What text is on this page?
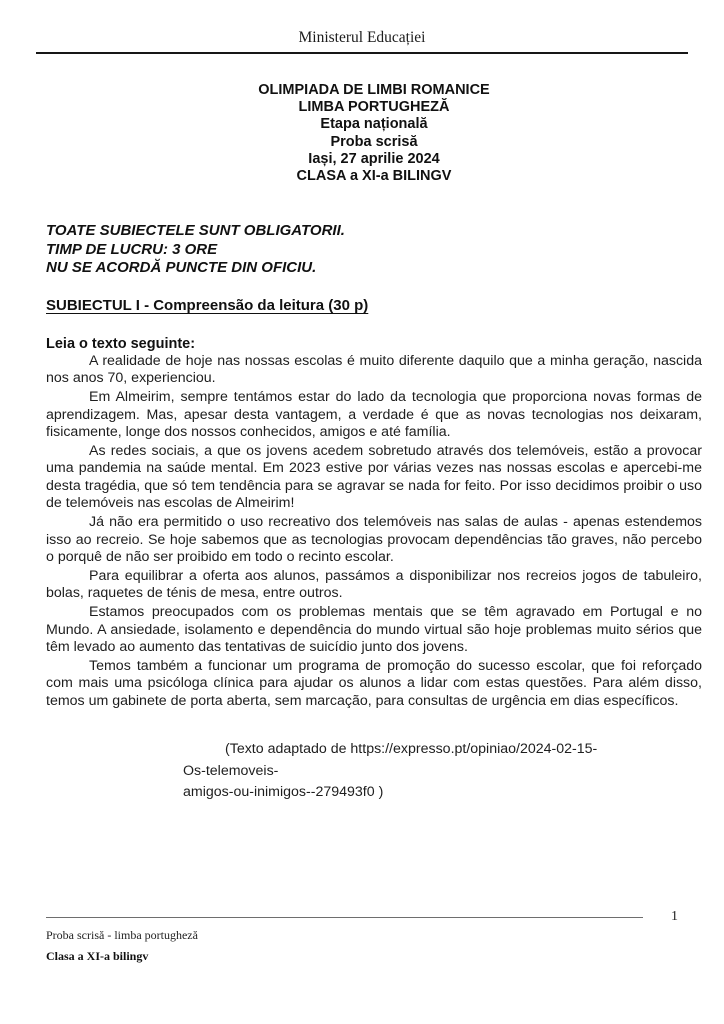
Ministerul Educației
OLIMPIADA DE LIMBI ROMANICE
LIMBA PORTUGHEZĂ
Etapa națională
Proba scrisă
Iași, 27 aprilie 2024
CLASA a XI-a BILINGV
TOATE SUBIECTELE SUNT OBLIGATORII.
TIMP DE LUCRU: 3 ORE
NU SE ACORDĂ PUNCTE DIN OFICIU.
SUBIECTUL I - Compreensão da leitura (30 p)
Leia o texto seguinte:

A realidade de hoje nas nossas escolas é muito diferente daquilo que a minha geração, nascida nos anos 70, experienciou.

Em Almeirim, sempre tentámos estar do lado da tecnologia que proporciona novas formas de aprendizagem. Mas, apesar desta vantagem, a verdade é que as novas tecnologias nos deixaram, fisicamente, longe dos nossos conhecidos, amigos e até família.

As redes sociais, a que os jovens acedem sobretudo através dos telemóveis, estão a provocar uma pandemia na saúde mental. Em 2023 estive por várias vezes nas nossas escolas e apercebi-me desta tragédia, que só tem tendência para se agravar se nada for feito. Por isso decidimos proibir o uso de telemóveis nas escolas de Almeirim!

Já não era permitido o uso recreativo dos telemóveis nas salas de aulas - apenas estendemos isso ao recreio. Se hoje sabemos que as tecnologias provocam dependências tão graves, não percebo o porquê de não ser proibido em todo o recinto escolar.

Para equilibrar a oferta aos alunos, passámos a disponibilizar nos recreios jogos de tabuleiro, bolas, raquetes de ténis de mesa, entre outros.

Estamos preocupados com os problemas mentais que se têm agravado em Portugal e no Mundo. A ansiedade, isolamento e dependência do mundo virtual são hoje problemas muito sérios que têm levado ao aumento das tentativas de suicídio junto dos jovens.

Temos também a funcionar um programa de promoção do sucesso escolar, que foi reforçado com mais uma psicóloga clínica para ajudar os alunos a lidar com estas questões. Para além disso, temos um gabinete de porta aberta, sem marcação, para consultas de urgência em dias específicos.

(Texto adaptado de https://expresso.pt/opiniao/2024-02-15-Os-telemoveis-
amigos-ou-inimigos--279493f0 )
1
Proba scrisă - limba portugheză
Clasa a XI-a bilingv
